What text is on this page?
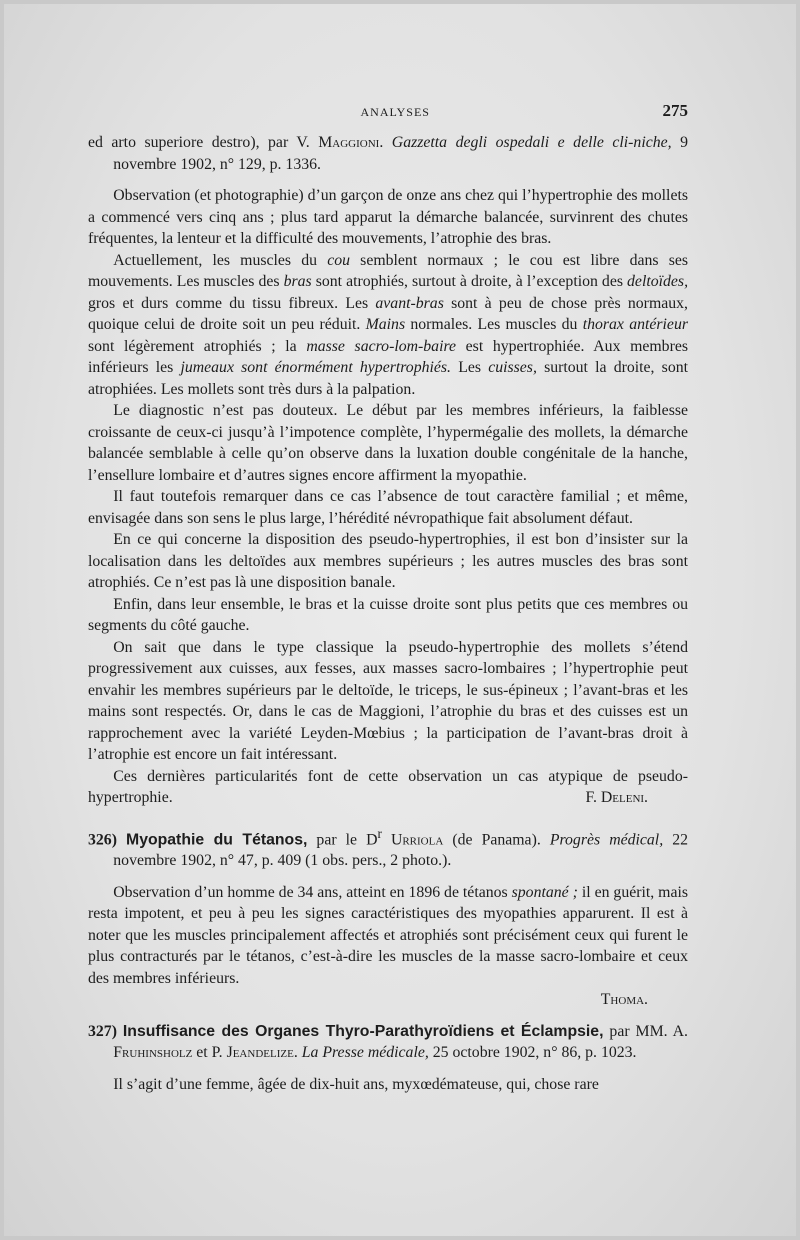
ANALYSES	275

ed arto superiore destro), par V. Maggioni. Gazzetta degli ospedali e delle cli-niche, 9 novembre 1902, n° 129, p. 1336.

Observation (et photographie) d’un garçon de onze ans chez qui l’hypertrophie des mollets a commencé vers cinq ans ; plus tard apparut la démarche balancée, survinrent des chutes fréquentes, la lenteur et la difficulté des mouvements, l’atrophie des bras.

Actuellement, les muscles du cou semblent normaux ; le cou est libre dans ses mouvements. Les muscles des bras sont atrophiés, surtout à droite, à l’exception des deltoïdes, gros et durs comme du tissu fibreux. Les avant-bras sont à peu de chose près normaux, quoique celui de droite soit un peu réduit. Mains normales. Les muscles du thorax antérieur sont légèrement atrophiés ; la masse sacro-lom-baire est hypertrophiée. Aux membres inférieurs les jumeaux sont énormément hypertrophiés. Les cuisses, surtout la droite, sont atrophiées. Les mollets sont très durs à la palpation.

Le diagnostic n’est pas douteux. Le début par les membres inférieurs, la faiblesse croissante de ceux-ci jusqu’à l’impotence complète, l’hypermégalie des mollets, la démarche balancée semblable à celle qu’on observe dans la luxation double congénitale de la hanche, l’ensellure lombaire et d’autres signes encore affirment la myopathie.

Il faut toutefois remarquer dans ce cas l’absence de tout caractère familial ; et même, envisagée dans son sens le plus large, l’hérédité névropathique fait absolument défaut.

En ce qui concerne la disposition des pseudo-hypertrophies, il est bon d’insister sur la localisation dans les deltoïdes aux membres supérieurs ; les autres muscles des bras sont atrophiés. Ce n’est pas là une disposition banale.

Enfin, dans leur ensemble, le bras et la cuisse droite sont plus petits que ces membres ou segments du côté gauche.

On sait que dans le type classique la pseudo-hypertrophie des mollets s’étend progressivement aux cuisses, aux fesses, aux masses sacro-lombaires ; l’hypertrophie peut envahir les membres supérieurs par le deltoïde, le triceps, le sus-épineux ; l’avant-bras et les mains sont respectés. Or, dans le cas de Maggioni, l’atrophie du bras et des cuisses est un rapprochement avec la variété Leyden-Mœbius ; la participation de l’avant-bras droit à l’atrophie est encore un fait intéressant.

Ces dernières particularités font de cette observation un cas atypique de pseudo-hypertrophie.	F. Deleni.

326) Myopathie du Tétanos, par le $D^r$ Urriola (de Panama). Progrès médical, 22 novembre 1902, n° 47, p. 409 (1 obs. pers., 2 photo.).

Observation d’un homme de 34 ans, atteint en 1896 de tétanos spontané ; il en guérit, mais resta impotent, et peu à peu les signes caractéristiques des myopathies apparurent. Il est à noter que les muscles principalement affectés et atrophiés sont précisément ceux qui furent le plus contracturés par le tétanos, c’est-à-dire les muscles de la masse sacro-lombaire et ceux des membres inférieurs.

Thoma.

327) Insuffisance des Organes Thyro-Parathyroïdiens et Éclampsie, par MM. A. Fruhinsholz et P. Jeandelize. La Presse médicale, 25 octobre 1902, n° 86, p. 1023.

Il s’agit d’une femme, âgée de dix-huit ans, myxœdémateuse, qui, chose rare
